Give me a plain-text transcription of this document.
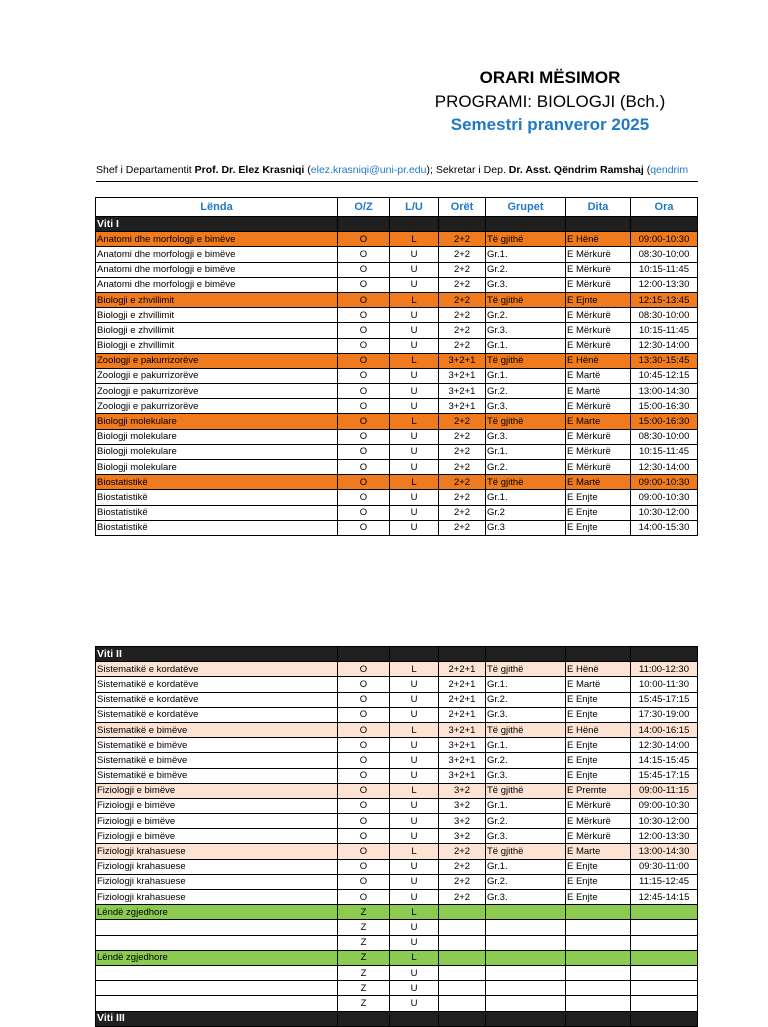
ORARI MËSIMOR
PROGRAMI: BIOLOGJI (Bch.)
Semestri pranveror 2025
Shef i Departamentit Prof. Dr. Elez Krasniqi (elez.krasniqi@uni-pr.edu); Sekretar i Dep. Dr. Asst. Qëndrim Ramshaj (qendrim
Lënda	O/Z	L/U	Orët	Grupet	Dita	Ora
Viti I						
Anatomi dhe morfologji e bimëve	O	L	2+2	Të gjithë	E Hënë	09:00-10:30
Anatomi dhe morfologji e bimëve	O	U	2+2	Gr.1.	E Mërkurë	08:30-10:00
Anatomi dhe morfologji e bimëve	O	U	2+2	Gr.2.	E Mërkurë	10:15-11:45
Anatomi dhe morfologji e bimëve	O	U	2+2	Gr.3.	E Mërkurë	12:00-13:30
Biologji e zhvillimit	O	L	2+2	Të gjithë	E Ejnte	12:15-13:45
Biologji e zhvillimit	O	U	2+2	Gr.2.	E Mërkurë	08:30-10:00
Biologji e zhvillimit	O	U	2+2	Gr.3.	E Mërkurë	10:15-11:45
Biologji e zhvillimit	O	U	2+2	Gr.1.	E Mërkurë	12:30-14:00
Zoologji e pakurrizorëve	O	L	3+2+1	Të gjithë	E Hënë	13:30-15:45
Zoologji e pakurrizorëve	O	U	3+2+1	Gr.1.	E Martë	10:45-12:15
Zoologji e pakurrizorëve	O	U	3+2+1	Gr.2.	E Martë	13:00-14:30
Zoologji e pakurrizorëve	O	U	3+2+1	Gr.3.	E Mërkurë	15:00-16:30
Biologji molekulare	O	L	2+2	Të gjithë	E Marte	15:00-16:30
Biologji molekulare	O	U	2+2	Gr.3.	E Mërkurë	08:30-10:00
Biologji molekulare	O	U	2+2	Gr.1.	E Mërkurë	10:15-11:45
Biologji molekulare	O	U	2+2	Gr.2.	E Mërkurë	12:30-14:00
Biostatistikë	O	L	2+2	Të gjithë	E Martë	09:00-10:30
Biostatistikë	O	U	2+2	Gr.1.	E Enjte	09:00-10:30
Biostatistikë	O	U	2+2	Gr.2	E Enjte	10:30-12:00
Biostatistikë	O	U	2+2	Gr.3	E Enjte	14:00-15:30
Viti II						
Sistematikë e kordatëve	O	L	2+2+1	Të gjithë	E Hënë	11:00-12:30
Sistematikë e kordatëve	O	U	2+2+1	Gr.1.	E Martë	10:00-11:30
Sistematikë e kordatëve	O	U	2+2+1	Gr.2.	E Enjte	15:45-17:15
Sistematikë e kordatëve	O	U	2+2+1	Gr.3.	E Enjte	17:30-19:00
Sistematikë e bimëve	O	L	3+2+1	Të gjithë	E Hënë	14:00-16:15
Sistematikë e bimëve	O	U	3+2+1	Gr.1.	E Enjte	12:30-14:00
Sistematikë e bimëve	O	U	3+2+1	Gr.2.	E Enjte	14:15-15:45
Sistematikë e bimëve	O	U	3+2+1	Gr.3.	E Enjte	15:45-17:15
Fiziologji e bimëve	O	L	3+2	Të gjithë	E Premte	09:00-11:15
Fiziologji e bimëve	O	U	3+2	Gr.1.	E Mërkurë	09:00-10:30
Fiziologji e bimëve	O	U	3+2	Gr.2.	E Mërkurë	10:30-12:00
Fiziologji e bimëve	O	U	3+2	Gr.3.	E Mërkurë	12:00-13:30
Fiziologji krahasuese	O	L	2+2	Të gjithë	E Marte	13:00-14:30
Fiziologji krahasuese	O	U	2+2	Gr.1.	E Enjte	09:30-11:00
Fiziologji krahasuese	O	U	2+2	Gr.2.	E Enjte	11:15-12:45
Fiziologji krahasuese	O	U	2+2	Gr.3.	E Enjte	12:45-14:15
Lëndë zgjedhore	Z	L				
	Z	U				
	Z	U				
Lëndë zgjedhore	Z	L				
	Z	U				
	Z	U				
	Z	U				
Viti III						
